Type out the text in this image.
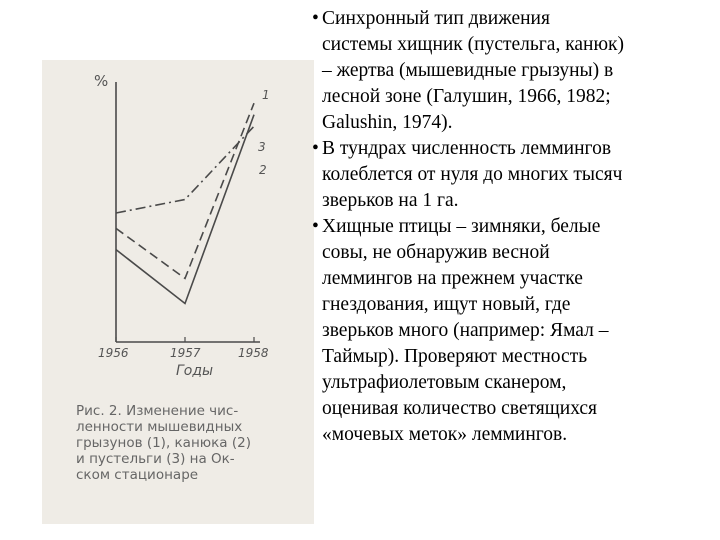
%
1956	1957	1958
Годы
1
2
3
Рис. 2. Изменение чис-
ленности мышевидных
грызунов (1), канюка (2)
и пустельги (3) на Ок-
ском стационаре
• Синхронный тип движения
системы хищник (пустельга, канюк)
– жертва (мышевидные грызуны) в
лесной зоне (Галушин, 1966, 1982;
Galushin, 1974).
• В тундрах численность леммингов
колеблется от нуля до многих тысяч
зверьков на 1 га.
• Хищные птицы – зимняки, белые
совы, не обнаружив весной
леммингов на прежнем участке
гнездования, ищут новый, где
зверьков много (например: Ямал –
Таймыр). Проверяют местность
ультрафиолетовым сканером,
оценивая количество светящихся
«мочевых меток» леммингов.
